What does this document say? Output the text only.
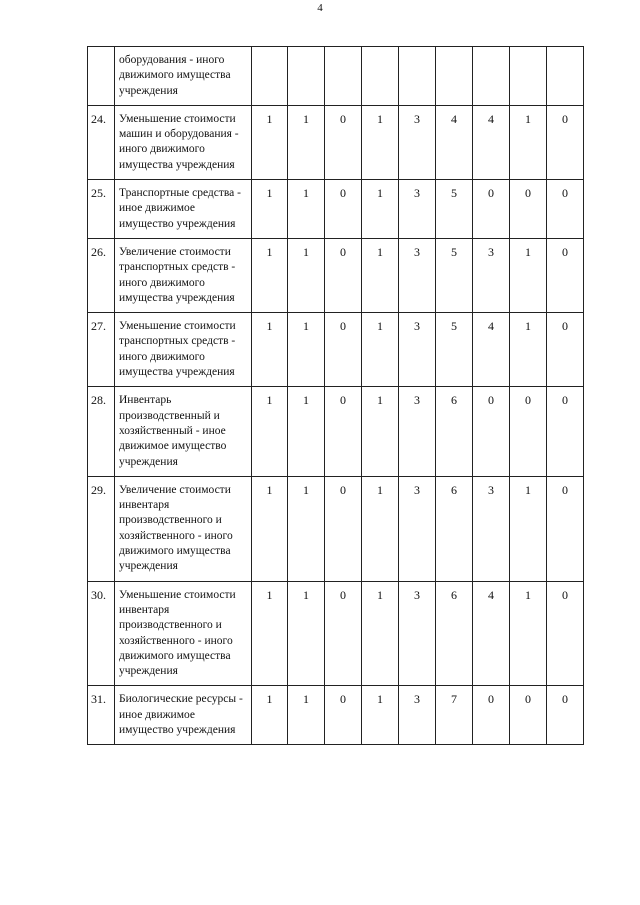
4
	оборудования - иного движимого имущества учреждения									
24.	Уменьшение стоимости машин и оборудования - иного движимого имущества учреждения	1	1	0	1	3	4	4	1	0
25.	Транспортные средства - иное движимое имущество учреждения	1	1	0	1	3	5	0	0	0
26.	Увеличение стоимости транспортных средств - иного движимого имущества учреждения	1	1	0	1	3	5	3	1	0
27.	Уменьшение стоимости транспортных средств - иного движимого имущества учреждения	1	1	0	1	3	5	4	1	0
28.	Инвентарь производственный и хозяйственный - иное движимое имущество учреждения	1	1	0	1	3	6	0	0	0
29.	Увеличение стоимости инвентаря производственного и хозяйственного - иного движимого имущества учреждения	1	1	0	1	3	6	3	1	0
30.	Уменьшение стоимости инвентаря производственного и хозяйственного - иного движимого имущества учреждения	1	1	0	1	3	6	4	1	0
31.	Биологические ресурсы - иное движимое имущество учреждения	1	1	0	1	3	7	0	0	0
